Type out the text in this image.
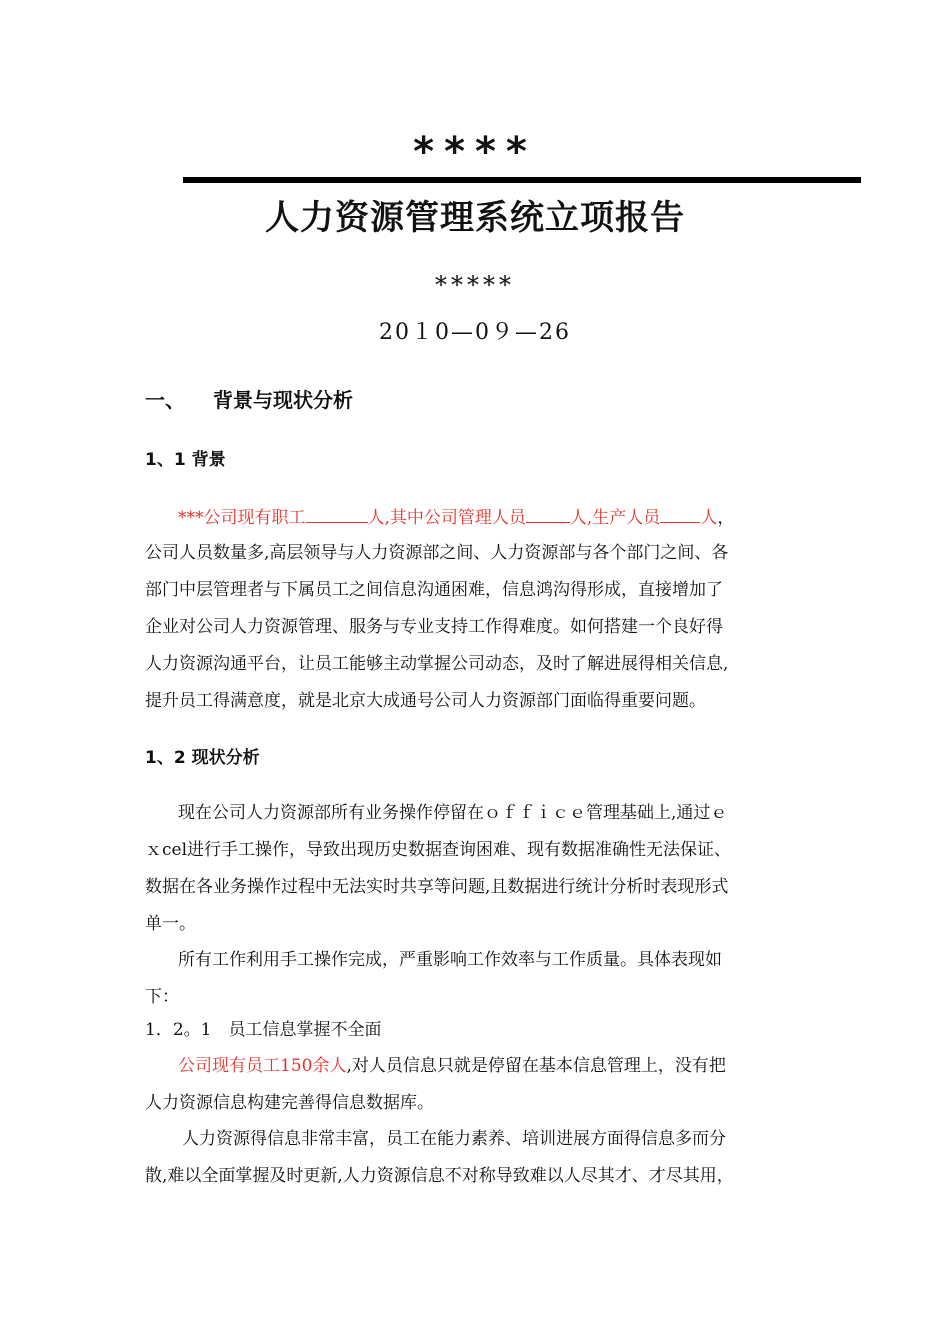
****
人力资源管理系统立项报告
*****
20１0—0９—26
一、 背景与现状分析
1、1 背景
***公司现有职工	人,其中公司管理人员	人,生产人员 人，
公司人员数量多,高层领导与人力资源部之间、人力资源部与各个部门之间、各
部门中层管理者与下属员工之间信息沟通困难，信息鸿沟得形成，直接增加了
企业对公司人力资源管理、服务与专业支持工作得难度。如何搭建一个良好得
人力资源沟通平台，让员工能够主动掌握公司动态，及时了解进展得相关信息,
提升员工得满意度，就是北京大成通号公司人力资源部门面临得重要问题。
1、2 现状分析
现在公司人力资源部所有业务操作停留在ｏｆｆｉｃｅ管理基础上,通过ｅ
ｘcel进行手工操作，导致出现历史数据查询困难、现有数据准确性无法保证、
数据在各业务操作过程中无法实时共享等问题,且数据进行统计分析时表现形式
单一。
所有工作利用手工操作完成，严重影响工作效率与工作质量。具体表现如
下：
1．2。1　员工信息掌握不全面
公司现有员工150余人,对人员信息只就是停留在基本信息管理上，没有把
人力资源信息构建完善得信息数据库。
人力资源得信息非常丰富，员工在能力素养、培训进展方面得信息多而分
散,难以全面掌握及时更新,人力资源信息不对称导致难以人尽其才、才尽其用，
